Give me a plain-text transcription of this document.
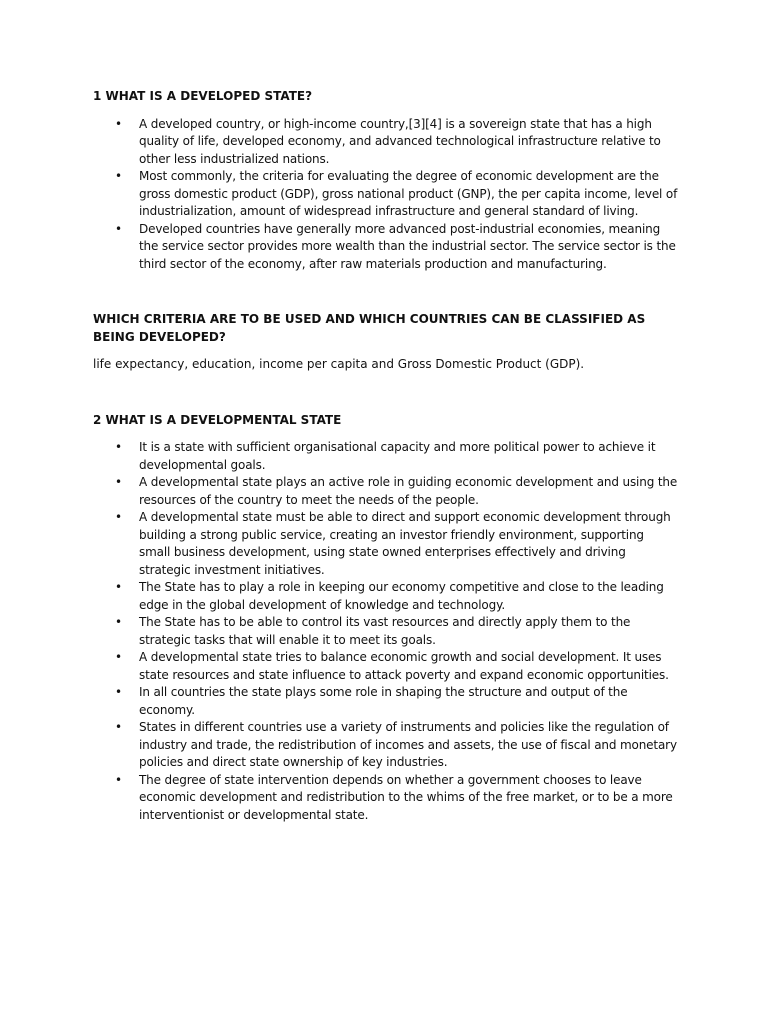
1 WHAT IS A DEVELOPED STATE?
• A developed country, or high-income country,[3][4] is a sovereign state that has a high quality of life, developed economy, and advanced technological infrastructure relative to other less industrialized nations.
• Most commonly, the criteria for evaluating the degree of economic development are the gross domestic product (GDP), gross national product (GNP), the per capita income, level of industrialization, amount of widespread infrastructure and general standard of living.
• Developed countries have generally more advanced post-industrial economies, meaning the service sector provides more wealth than the industrial sector. The service sector is the third sector of the economy, after raw materials production and manufacturing.
WHICH CRITERIA ARE TO BE USED AND WHICH COUNTRIES CAN BE CLASSIFIED AS BEING DEVELOPED?

life expectancy, education, income per capita and Gross Domestic Product (GDP).

2 WHAT IS A DEVELOPMENTAL STATE
• It is a state with sufficient organisational capacity and more political power to achieve it developmental goals.
• A developmental state plays an active role in guiding economic development and using the resources of the country to meet the needs of the people.
• A developmental state must be able to direct and support economic development through building a strong public service, creating an investor friendly environment, supporting small business development, using state owned enterprises effectively and driving strategic investment initiatives.
• The State has to play a role in keeping our economy competitive and close to the leading edge in the global development of knowledge and technology.
• The State has to be able to control its vast resources and directly apply them to the strategic tasks that will enable it to meet its goals.
• A developmental state tries to balance economic growth and social development. It uses state resources and state influence to attack poverty and expand economic opportunities.
• In all countries the state plays some role in shaping the structure and output of the economy.
• States in different countries use a variety of instruments and policies like the regulation of industry and trade, the redistribution of incomes and assets, the use of fiscal and monetary policies and direct state ownership of key industries.
• The degree of state intervention depends on whether a government chooses to leave economic development and redistribution to the whims of the free market, or to be a more interventionist or developmental state.
